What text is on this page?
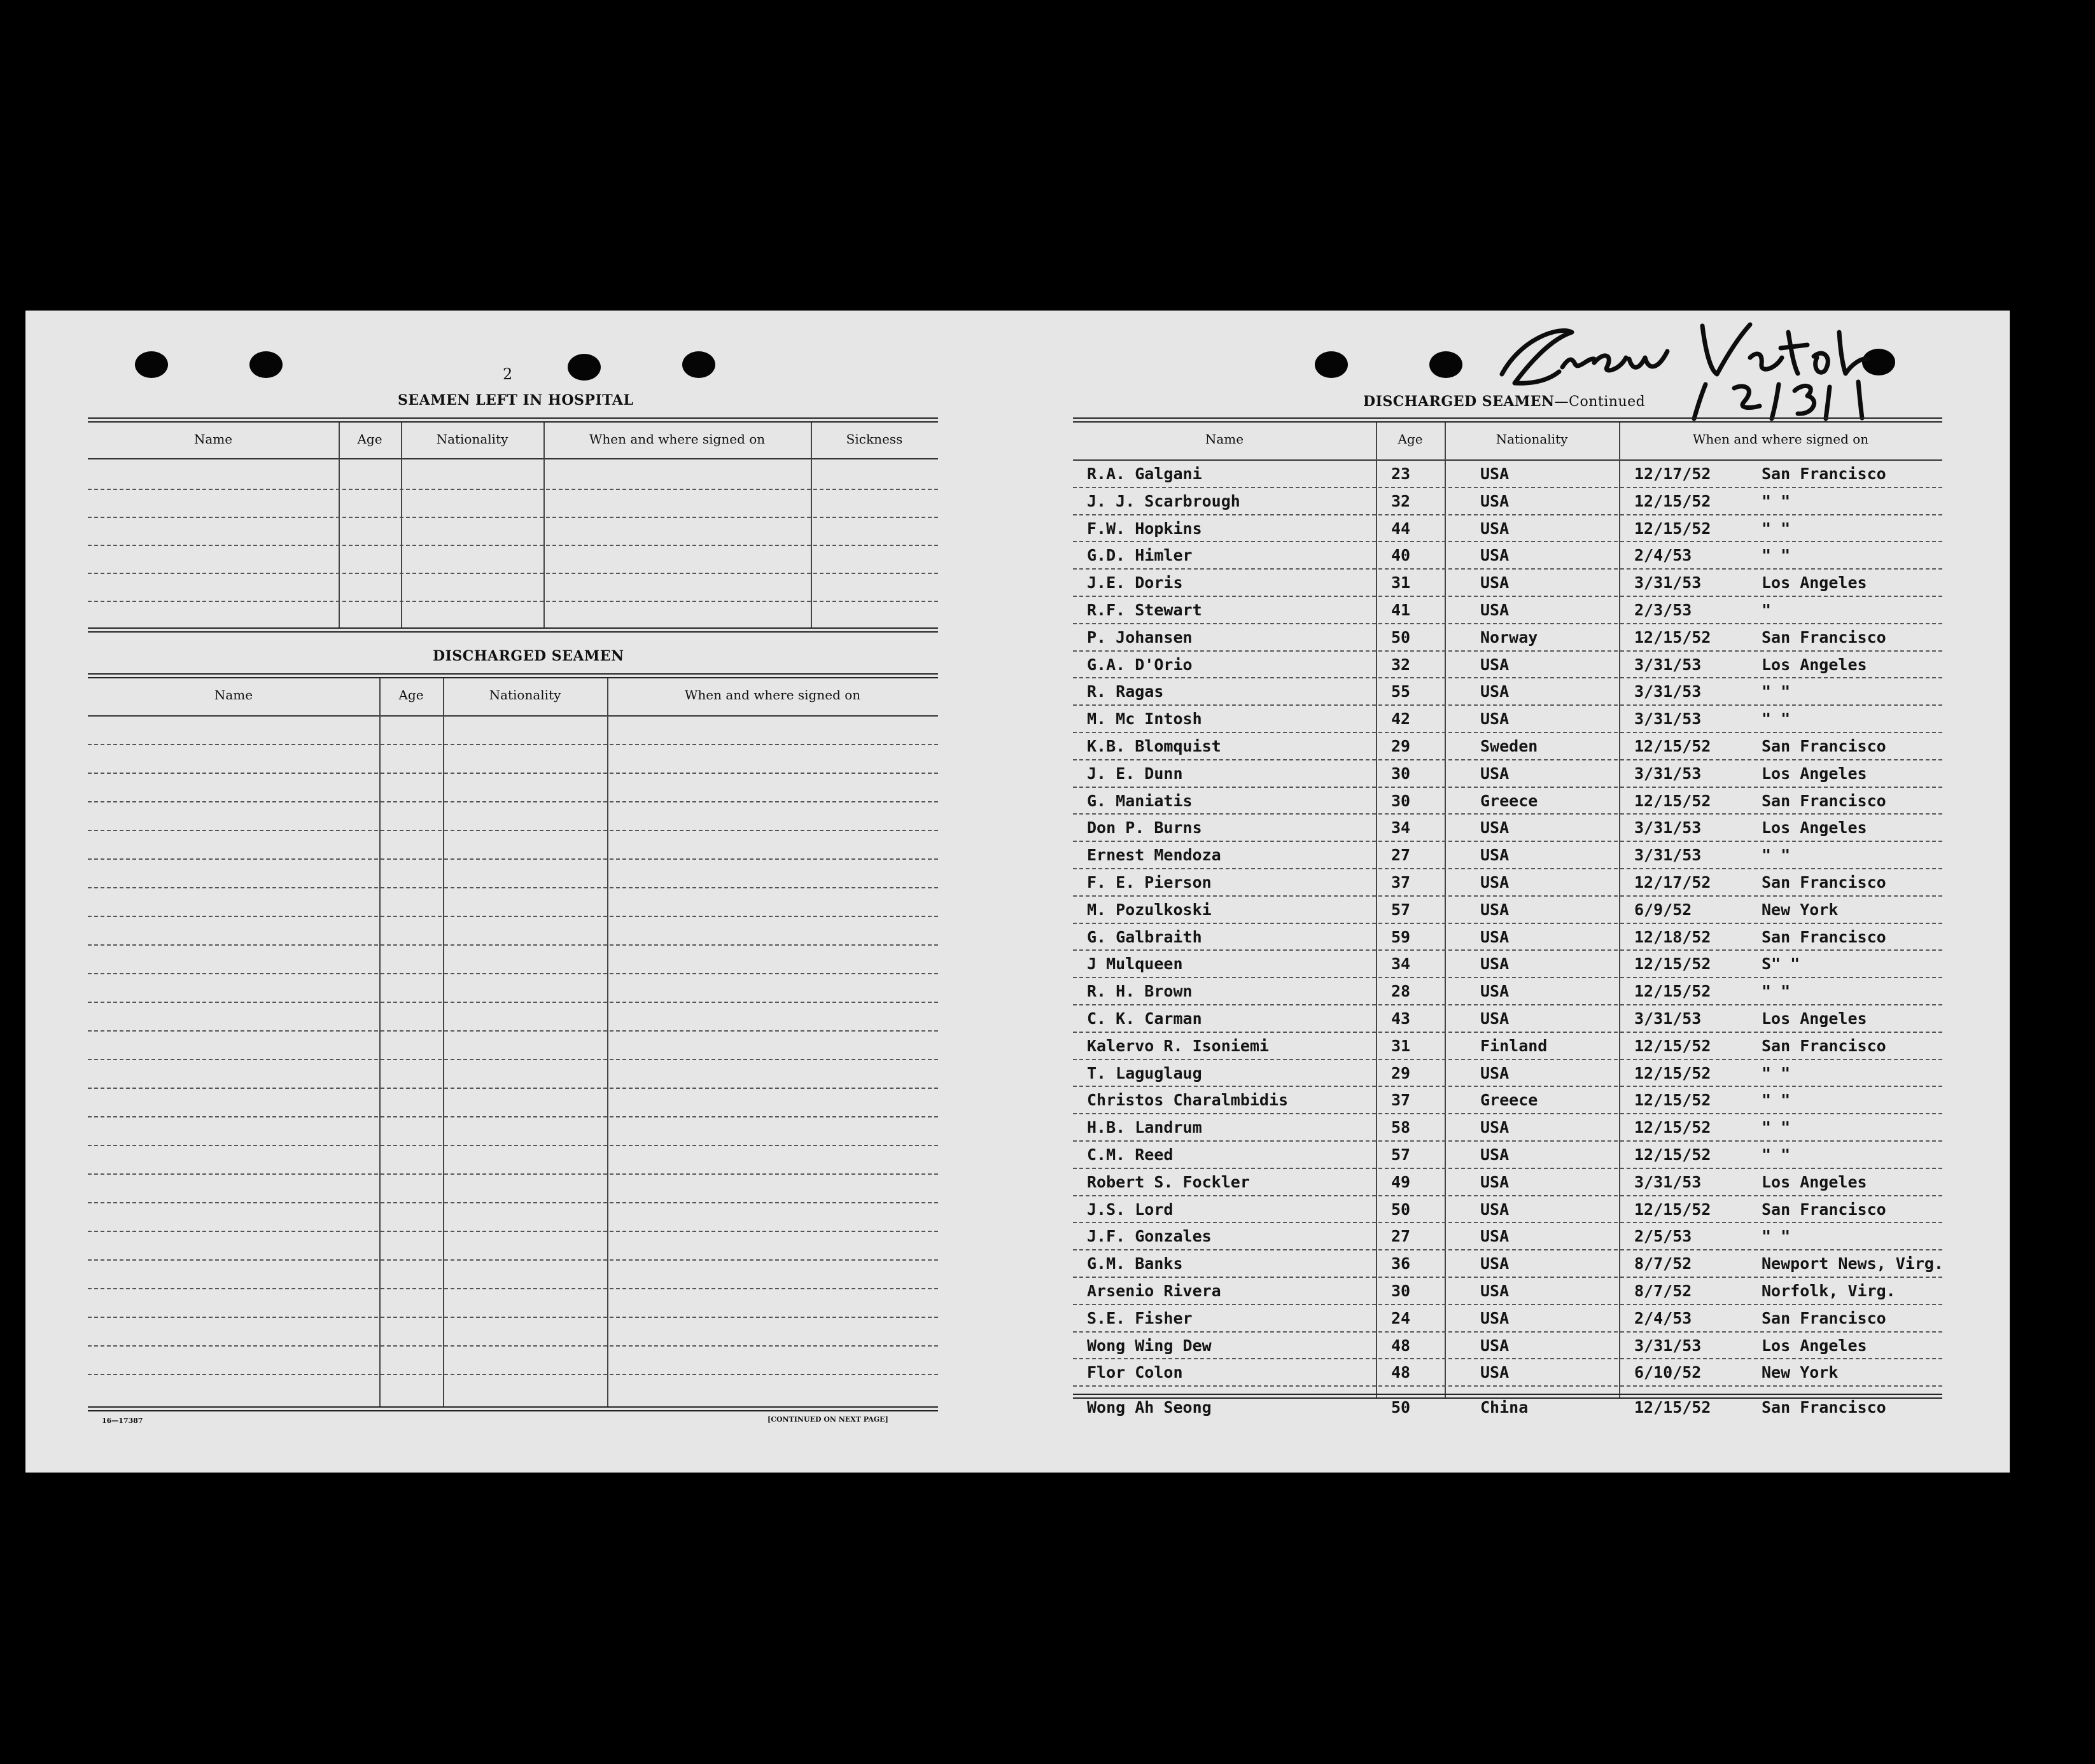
2
SEAMEN LEFT IN HOSPITAL
Name	Age	Nationality	When and where signed on	Sickness
DISCHARGED SEAMEN
Name	Age	Nationality	When and where signed on
16—17387	[CONTINUED ON NEXT PAGE]
DISCHARGED SEAMEN—Continued
Name	Age	Nationality	When and where signed on
R.A. Galgani	23	USA	12/17/52	San Francisco
J. J. Scarbrough	32	USA	12/15/52	" "
F.W. Hopkins	44	USA	12/15/52	" "
G.D. Himler	40	USA	2/4/53	" "
J.E. Doris	31	USA	3/31/53	Los Angeles
R.F. Stewart	41	USA	2/3/53	"
P. Johansen	50	Norway	12/15/52	San Francisco
G.A. D'Orio	32	USA	3/31/53	Los Angeles
R. Ragas	55	USA	3/31/53	" "
M. Mc Intosh	42	USA	3/31/53	" "
K.B. Blomquist	29	Sweden	12/15/52	San Francisco
J. E. Dunn	30	USA	3/31/53	Los Angeles
G. Maniatis	30	Greece	12/15/52	San Francisco
Don P. Burns	34	USA	3/31/53	Los Angeles
Ernest Mendoza	27	USA	3/31/53	" "
F. E. Pierson	37	USA	12/17/52	San Francisco
M. Pozulkoski	57	USA	6/9/52	New York
G. Galbraith	59	USA	12/18/52	San Francisco
J Mulqueen	34	USA	12/15/52	S" "
R. H. Brown	28	USA	12/15/52	" "
C. K. Carman	43	USA	3/31/53	Los Angeles
Kalervo R. Isoniemi	31	Finland	12/15/52	San Francisco
T. Laguglaug	29	USA	12/15/52	" "
Christos Charalmbidis	37	Greece	12/15/52	" "
H.B. Landrum	58	USA	12/15/52	" "
C.M. Reed	57	USA	12/15/52	" "
Robert S. Fockler	49	USA	3/31/53	Los Angeles
J.S. Lord	50	USA	12/15/52	San Francisco
J.F. Gonzales	27	USA	2/5/53	" "
G.M. Banks	36	USA	8/7/52	Newport News, Virg.
Arsenio Rivera	30	USA	8/7/52	Norfolk, Virg.
S.E. Fisher	24	USA	2/4/53	San Francisco
Wong Wing Dew	48	USA	3/31/53	Los Angeles
Flor Colon	48	USA	6/10/52	New York
Wong Ah Seong	50	China	12/15/52	San Francisco
